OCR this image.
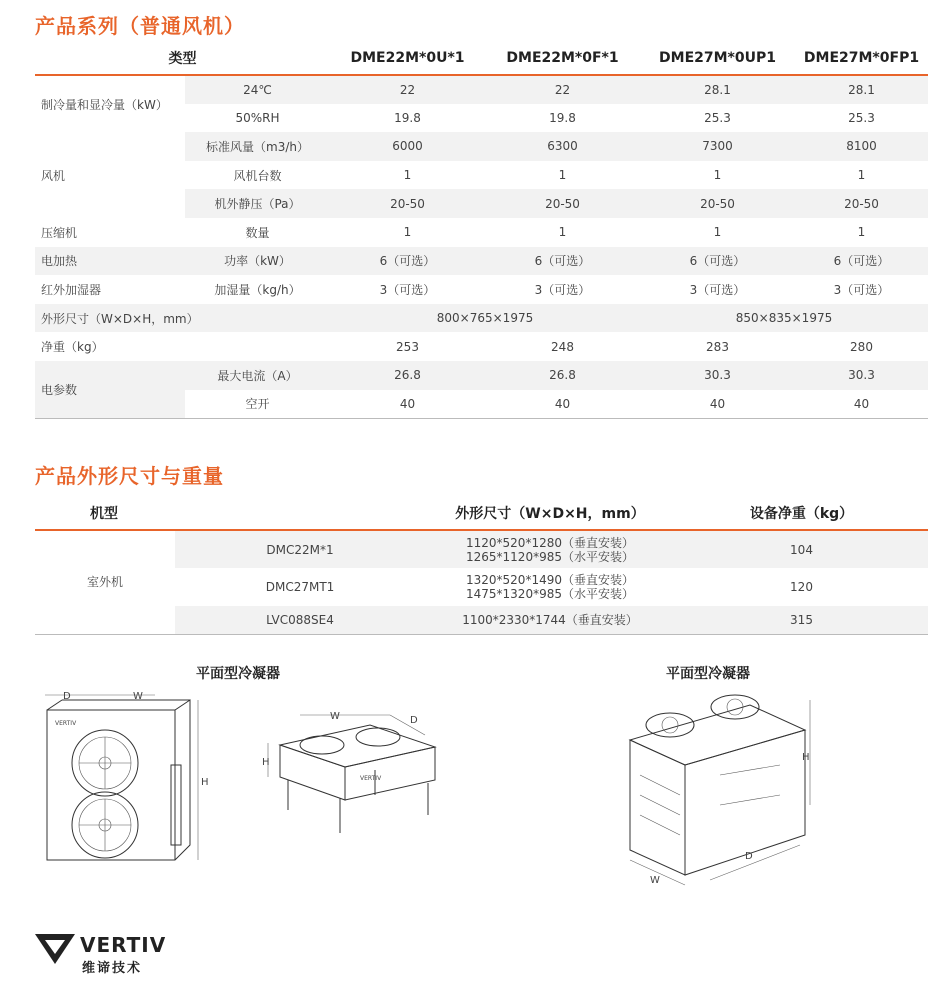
产品系列（普通风机）
类型		DME22M*0U*1	DME22M*0F*1	DME27M*0UP1	DME27M*0FP1
制冷量和显冷量（kW）	24℃	22	22	28.1	28.1
	50%RH	19.8	19.8	25.3	25.3
风机	标准风量（m3/h）	6000	6300	7300	8100
	风机台数	1	1	1	1
	机外静压（Pa）	20-50	20-50	20-50	20-50
压缩机	数量	1	1	1	1
电加热	功率（kW）	6（可选）	6（可选）	6（可选）	6（可选）
红外加湿器	加湿量（kg/h）	3（可选）	3（可选）	3（可选）	3（可选）
外形尺寸（W×D×H，mm）		800×765×1975		850×835×1975	
净重（kg）		253	248	283	280
电参数	最大电流（A）	26.8	26.8	30.3	30.3
	空开	40	40	40	40

产品外形尺寸与重量
机型		外形尺寸（W×D×H，mm）	设备净重（kg）
室外机	DMC22M*1	1120*520*1280（垂直安装）
1265*1120*985（水平安装）	104
	DMC27MT1	1320*520*1490（垂直安装）
1475*1320*985（水平安装）	120
	LVC088SE4	1100*2330*1744（垂直安装）	315
平面型冷凝器	平面型冷凝器
D	W
VERTIV
H
W	D
VERTIV
H	H
D
W
VERTIV
维谛技术
